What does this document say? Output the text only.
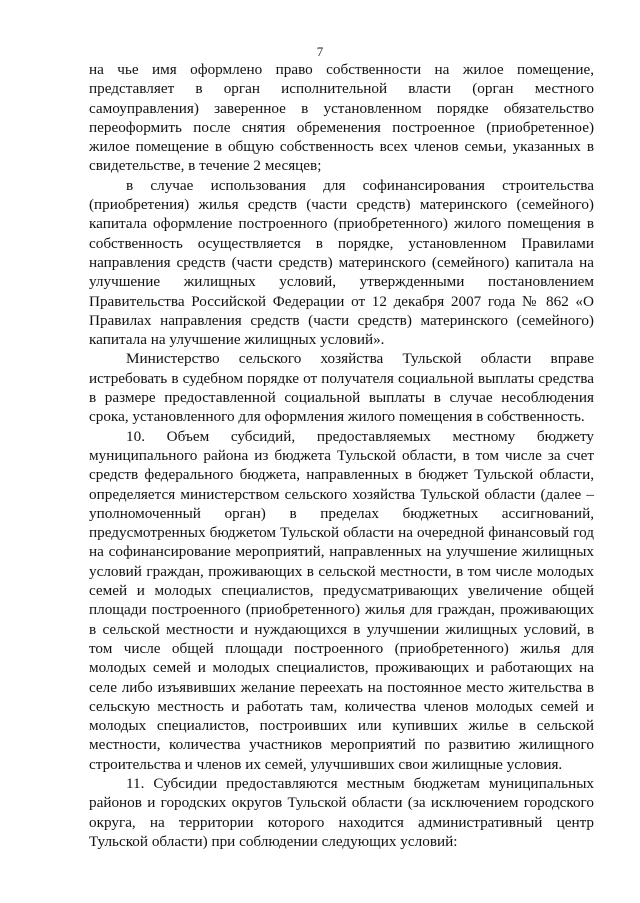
7

на чье имя оформлено право собственности на жилое помещение, представляет в орган исполнительной власти (орган местного самоуправления) заверенное в установленном порядке обязательство переоформить после снятия обременения построенное (приобретенное) жилое помещение в общую собственность всех членов семьи, указанных в свидетельстве, в течение 2 месяцев;

в случае использования для софинансирования строительства (приобретения) жилья средств (части средств) материнского (семейного) капитала оформление построенного (приобретенного) жилого помещения в собственность осуществляется в порядке, установленном Правилами направления средств (части средств) материнского (семейного) капитала на улучшение жилищных условий, утвержденными постановлением Правительства Российской Федерации от 12 декабря 2007 года № 862 «О Правилах направления средств (части средств) материнского (семейного) капитала на улучшение жилищных условий».

Министерство сельского хозяйства Тульской области вправе истребовать в судебном порядке от получателя социальной выплаты средства в размере предоставленной социальной выплаты в случае несоблюдения срока, установленного для оформления жилого помещения в собственность.

10. Объем субсидий, предоставляемых местному бюджету муниципального района из бюджета Тульской области, в том числе за счет средств федерального бюджета, направленных в бюджет Тульской области, определяется министерством сельского хозяйства Тульской области (далее – уполномоченный орган) в пределах бюджетных ассигнований, предусмотренных бюджетом Тульской области на очередной финансовый год на софинансирование мероприятий, направленных на улучшение жилищных условий граждан, проживающих в сельской местности, в том числе молодых семей и молодых специалистов, предусматривающих увеличение общей площади построенного (приобретенного) жилья для граждан, проживающих в сельской местности и нуждающихся в улучшении жилищных условий, в том числе общей площади построенного (приобретенного) жилья для молодых семей и молодых специалистов, проживающих и работающих на селе либо изъявивших желание переехать на постоянное место жительства в сельскую местность и работать там, количества членов молодых семей и молодых специалистов, построивших или купивших жилье в сельской местности, количества участников мероприятий по развитию жилищного строительства и членов их семей, улучшивших свои жилищные условия.

11. Субсидии предоставляются местным бюджетам муниципальных районов и городских округов Тульской области (за исключением городского округа, на территории которого находится административный центр Тульской области) при соблюдении следующих условий:
